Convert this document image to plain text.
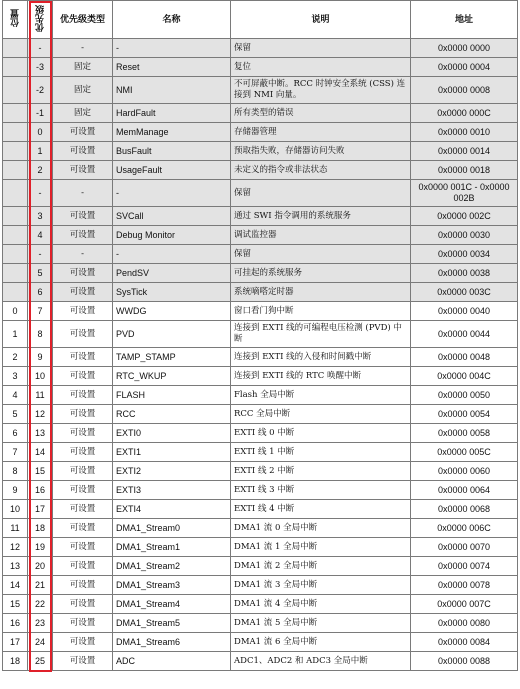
位置	优先级	优先级类型	名称	说明	地址
	-	-	-	保留	0x0000 0000
	-3	固定	Reset	复位	0x0000 0004
	-2	固定	NMI	不可屏蔽中断。RCC 时钟安全系统 (CSS) 连接到 NMI 向量。	0x0000 0008
	-1	固定	HardFault	所有类型的错误	0x0000 000C
	0	可设置	MemManage	存储器管理	0x0000 0010
	1	可设置	BusFault	预取指失败，存储器访问失败	0x0000 0014
	2	可设置	UsageFault	未定义的指令或非法状态	0x0000 0018
	-	-	-	保留	0x0000 001C - 0x0000 002B
	3	可设置	SVCall	通过 SWI 指令调用的系统服务	0x0000 002C
	4	可设置	Debug Monitor	调试监控器	0x0000 0030
	-	-	-	保留	0x0000 0034
	5	可设置	PendSV	可挂起的系统服务	0x0000 0038
	6	可设置	SysTick	系统嘀嗒定时器	0x0000 003C
0	7	可设置	WWDG	窗口看门狗中断	0x0000 0040
1	8	可设置	PVD	连接到 EXTI 线的可编程电压检测 (PVD) 中断	0x0000 0044
2	9	可设置	TAMP_STAMP	连接到 EXTI 线的入侵和时间戳中断	0x0000 0048
3	10	可设置	RTC_WKUP	连接到 EXTI 线的 RTC 唤醒中断	0x0000 004C
4	11	可设置	FLASH	Flash 全局中断	0x0000 0050
5	12	可设置	RCC	RCC 全局中断	0x0000 0054
6	13	可设置	EXTI0	EXTI 线 0 中断	0x0000 0058
7	14	可设置	EXTI1	EXTI 线 1 中断	0x0000 005C
8	15	可设置	EXTI2	EXTI 线 2 中断	0x0000 0060
9	16	可设置	EXTI3	EXTI 线 3 中断	0x0000 0064
10	17	可设置	EXTI4	EXTI 线 4 中断	0x0000 0068
11	18	可设置	DMA1_Stream0	DMA1 流 0 全局中断	0x0000 006C
12	19	可设置	DMA1_Stream1	DMA1 流 1 全局中断	0x0000 0070
13	20	可设置	DMA1_Stream2	DMA1 流 2 全局中断	0x0000 0074
14	21	可设置	DMA1_Stream3	DMA1 流 3 全局中断	0x0000 0078
15	22	可设置	DMA1_Stream4	DMA1 流 4 全局中断	0x0000 007C
16	23	可设置	DMA1_Stream5	DMA1 流 5 全局中断	0x0000 0080
17	24	可设置	DMA1_Stream6	DMA1 流 6 全局中断	0x0000 0084
18	25	可设置	ADC	ADC1、ADC2 和 ADC3 全局中断	0x0000 0088
